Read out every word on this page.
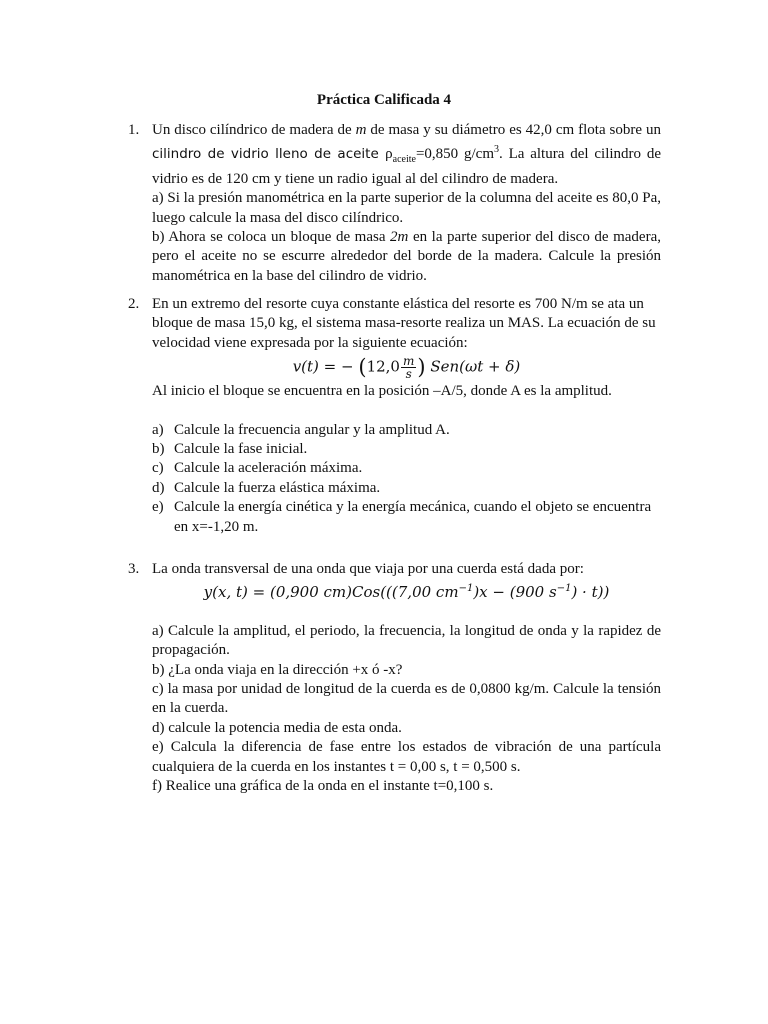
Práctica Calificada 4
1. Un disco cilíndrico de madera de m de masa y su diámetro es 42,0 cm flota sobre un cilindro de vidrio lleno de aceite $\rho_{aceite}=0,850$ $g/cm^3$. La altura del cilindro de vidrio es de 120 cm y tiene un radio igual al del cilindro de madera.

a) Si la presión manométrica en la parte superior de la columna del aceite es 80,0 Pa, luego calcule la masa del disco cilíndrico.

b) Ahora se coloca un bloque de masa 2m en la parte superior del disco de madera, pero el aceite no se escurre alrededor del borde de la madera. Calcule la presión manométrica en la base del cilindro de vidrio.

2. En un extremo del resorte cuya constante elástica del resorte es 700 N/m se ata un bloque de masa 15,0 kg, el sistema masa-resorte realiza un MAS. La ecuación de su velocidad viene expresada por la siguiente ecuación:

v(t) = − ($12,0 \frac{m}{s}$ ) Sen(ωt + δ)

Al inicio el bloque se encuentra en la posición –A/5, donde A es la amplitud.

a) Calcule la frecuencia angular y la amplitud A.
b) Calcule la fase inicial.
c) Calcule la aceleración máxima.
d) Calcule la fuerza elástica máxima.
e) Calcule la energía cinética y la energía mecánica, cuando el objeto se encuentra en x=-1,20 m.
3. La onda transversal de una onda que viaja por una cuerda está dada por:

y(x, t) = (0,900 cm)Cos(((7,00 $cm^{-1})x - (900$ $s^{-1}) \cdot t$))

a) Calcule la amplitud, el periodo, la frecuencia, la longitud de onda y la rapidez de propagación.

b) ¿La onda viaja en la dirección +x ó -x?

c) la masa por unidad de longitud de la cuerda es de 0,0800 kg/m. Calcule la tensión en la cuerda.

d) calcule la potencia media de esta onda.

e) Calcula la diferencia de fase entre los estados de vibración de una partícula cualquiera de la cuerda en los instantes t = 0,00 s, t = 0,500 s.

f) Realice una gráfica de la onda en el instante t=0,100 s.
